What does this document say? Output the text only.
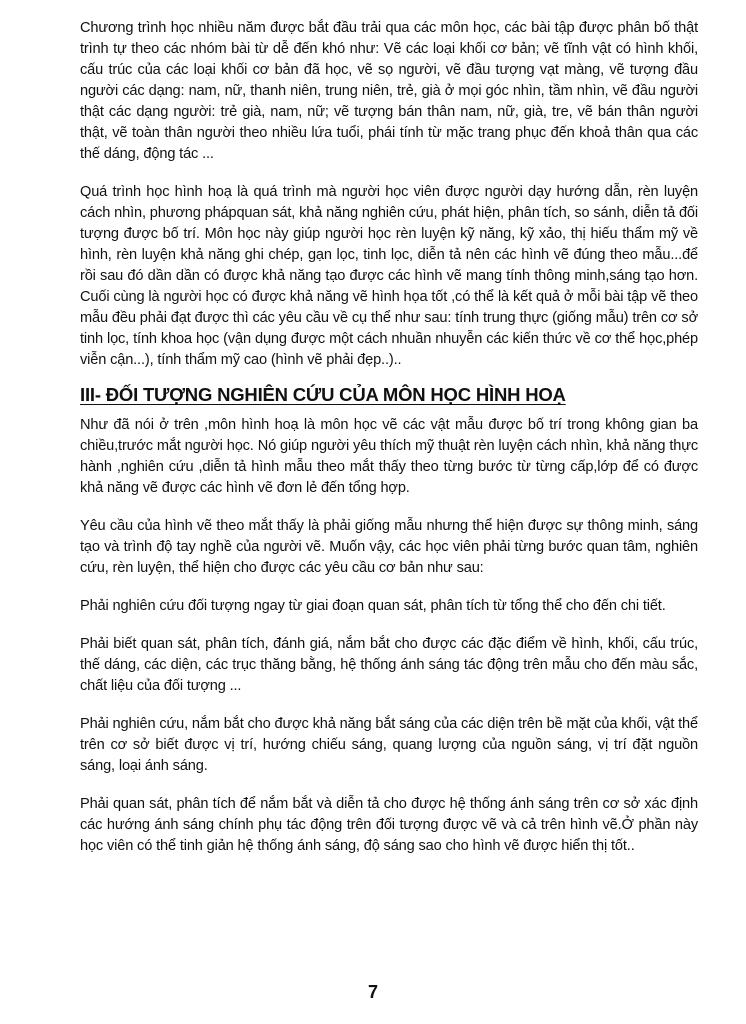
Chương trình học nhiều năm được bắt đầu trải qua các môn học, các bài tập được phân bố thật trình tự theo các nhóm bài từ dễ đến khó như: Vẽ các loại khối cơ bản; vẽ tĩnh vật có hình khối, cấu trúc của các loại khối cơ bản đã học, vẽ sọ người, vẽ đầu tượng vạt màng, vẽ tượng đầu người các dạng: nam, nữ, thanh niên, trung niên, trẻ, già ở mọi góc nhìn, tầm nhìn, vẽ đầu người thật các dạng người: trẻ già, nam, nữ; vẽ tượng bán thân nam, nữ, già, tre, vẽ bán thân người thật, vẽ toàn thân người theo nhiều lứa tuổi, phái tính từ mặc trang phục đến khoả thân qua các thế dáng, động tác ...

Quá trình học hình hoạ là quá trình mà người học viên được người dạy hướng dẫn, rèn luyện cách nhìn, phương phápquan sát, khả năng nghiên cứu, phát hiện, phân tích, so sánh, diễn tả đối tượng được bố trí. Môn học này giúp người học rèn luyện kỹ năng, kỹ xảo, thị hiếu thẩm mỹ về hình, rèn luyện khả năng ghi chép, gạn lọc, tinh lọc, diễn tả nên các hình vẽ đúng theo mẫu...để rồi sau đó dần dần có được khả năng tạo được các hình vẽ mang tính thông minh,sáng tạo hơn. Cuối cùng là người học có được khả năng vẽ hình họa tốt ,có thể là kết quả ở mỗi bài tập vẽ theo mẫu đều phải đạt được thì các yêu cầu về cụ thể như sau: tính trung thực (giống mẫu) trên cơ sở tinh lọc, tính khoa học (vận dụng được một cách nhuần nhuyễn các kiến thức về cơ thể học,phép viễn cận...), tính thẩm mỹ cao (hình vẽ phải đẹp..)..

III- ĐỐI TƯỢNG NGHIÊN CỨU CỦA MÔN HỌC HÌNH HOẠ

Như đã nói ở trên ,môn hình hoạ là môn học vẽ các vật mẫu được bố trí trong không gian ba chiều,trước mắt người học. Nó giúp người yêu thích mỹ thuật rèn luyện cách nhìn, khả năng thực hành ,nghiên cứu ,diễn tả hình mẫu theo mắt thấy theo từng bước từ từng cấp,lớp để có được khả năng vẽ được các hình vẽ đơn lẻ đến tổng hợp.

Yêu cầu của hình vẽ theo mắt thấy là phải giống mẫu nhưng thể hiện được sự thông minh, sáng tạo và trình độ tay nghề của người vẽ. Muốn vậy, các học viên phải từng bước quan tâm, nghiên cứu, rèn luyện, thể hiện cho được các yêu cầu cơ bản như sau:

Phải nghiên cứu đối tượng ngay từ giai đoạn quan sát, phân tích từ tổng thể cho đến chi tiết.

Phải biết quan sát, phân tích, đánh giá, nắm bắt cho được các đặc điểm về hình, khối, cấu trúc, thế dáng, các diện, các trục thăng bằng, hệ thống ánh sáng tác động trên mẫu cho đến màu sắc, chất liệu của đối tượng ...

Phải nghiên cứu, nắm bắt cho được khả năng bắt sáng của các diện trên bề mặt của khối, vật thể trên cơ sở biết được vị trí, hướng chiếu sáng, quang lượng của nguồn sáng, vị trí đặt nguồn sáng, loại ánh sáng.

Phải quan sát, phân tích để nắm bắt và diễn tả cho được hệ thống ánh sáng trên cơ sở xác định các hướng ánh sáng chính phụ tác động trên đối tượng được vẽ và cả trên hình vẽ.Ở phần này học viên có thể tinh giản hệ thống ánh sáng, độ sáng sao cho hình vẽ được hiển thị tốt..

7
